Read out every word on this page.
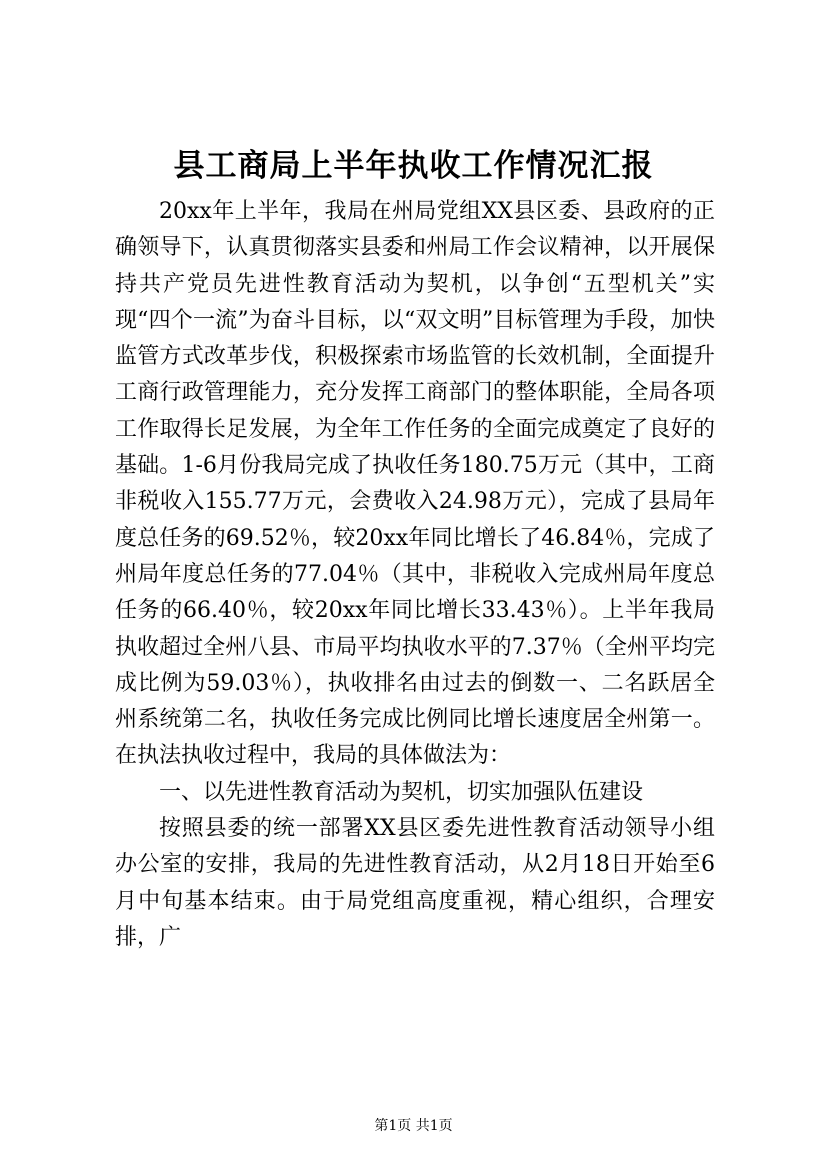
县工商局上半年执收工作情况汇报

20xx年上半年，我局在州局党组XX县区委、县政府的正确领导下，认真贯彻落实县委和州局工作会议精神，以开展保持共产党员先进性教育活动为契机，以争创“五型机关”实现“四个一流”为奋斗目标，以“双文明”目标管理为手段，加快监管方式改革步伐，积极探索市场监管的长效机制，全面提升工商行政管理能力，充分发挥工商部门的整体职能，全局各项工作取得长足发展，为全年工作任务的全面完成奠定了良好的基础。1-6月份我局完成了执收任务180.75万元（其中，工商非税收入155.77万元，会费收入24.98万元），完成了县局年度总任务的69.52％，较20xx年同比增长了46.84％，完成了州局年度总任务的77.04％（其中，非税收入完成州局年度总任务的66.40％，较20xx年同比增长33.43％）。上半年我局执收超过全州八县、市局平均执收水平的7.37％（全州平均完成比例为59.03％），执收排名由过去的倒数一、二名跃居全州系统第二名，执收任务完成比例同比增长速度居全州第一。在执法执收过程中，我局的具体做法为：

一、以先进性教育活动为契机，切实加强队伍建设

按照县委的统一部署XX县区委先进性教育活动领导小组办公室的安排，我局的先进性教育活动，从2月18日开始至6月中旬基本结束。由于局党组高度重视，精心组织，合理安排，广

第1页 共1页
